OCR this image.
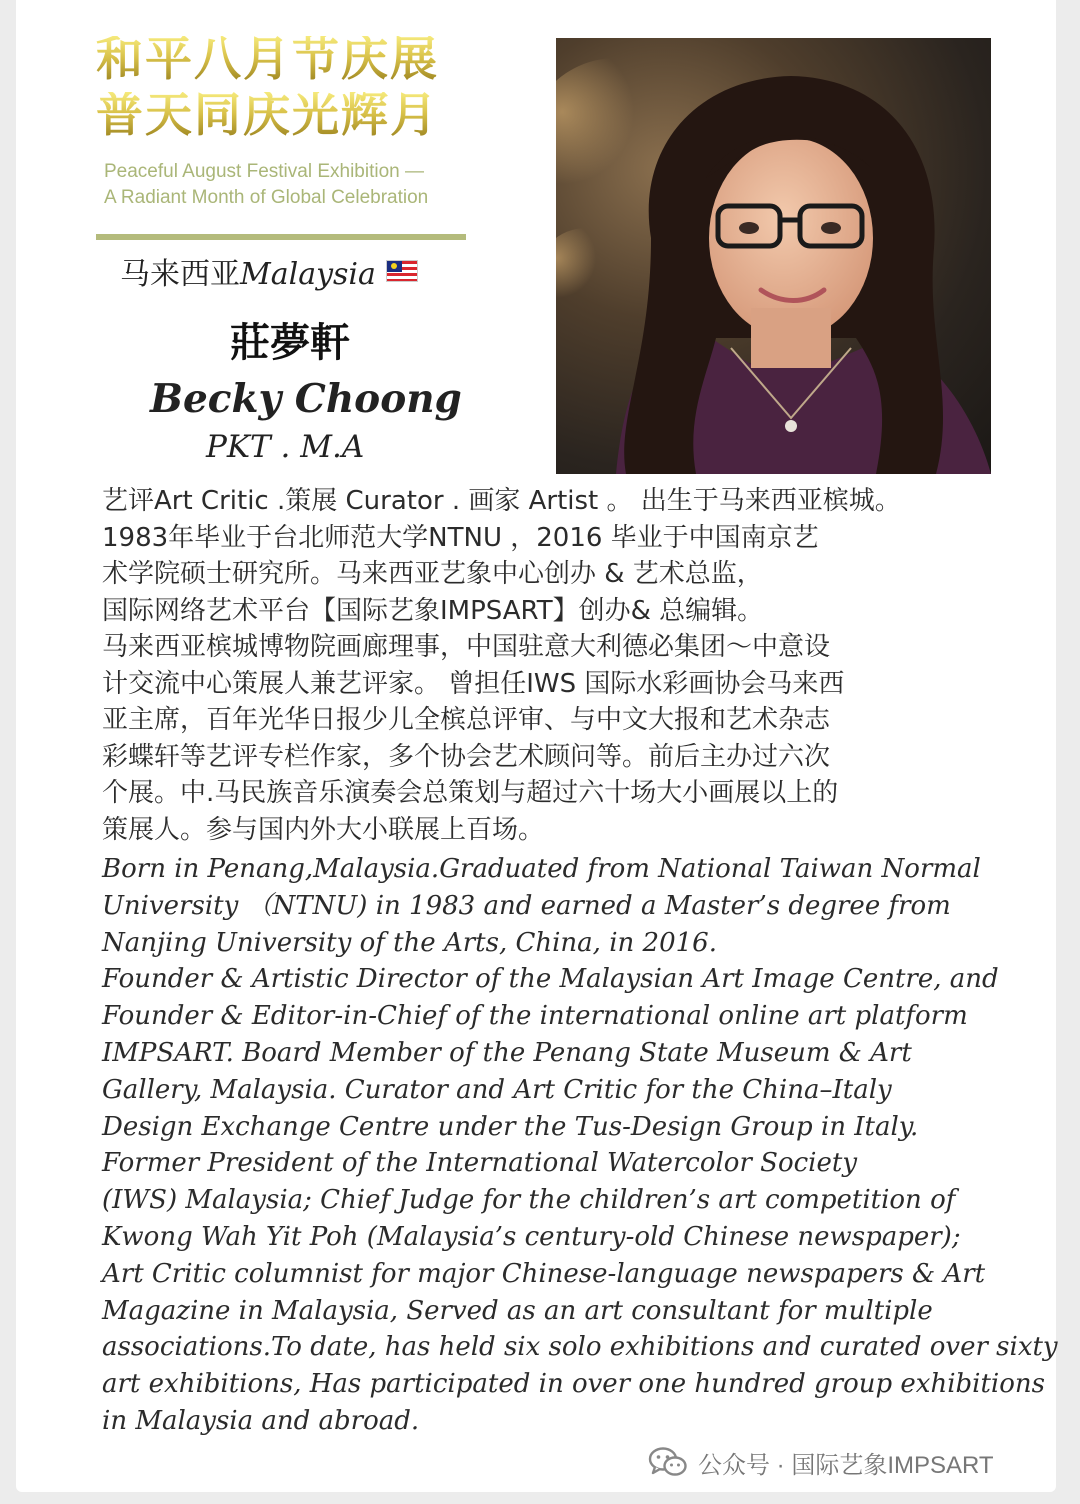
和平八月节庆展
普天同庆光辉月
Peaceful August Festival Exhibition —
A Radiant Month of Global Celebration
马来西亚Malaysia
莊夢軒
Becky Choong
PKT . M.A
艺评Art Critic .策展 Curator . 画家 Artist 。 出生于马来西亚槟城。
1983年毕业于台北师范大学NTNU ，2016 毕业于中国南京艺
术学院硕士研究所。马来西亚艺象中心创办 & 艺术总监，
国际网络艺术平台【国际艺象IMPSART】创办& 总编辑。
马来西亚槟城博物院画廊理事，中国驻意大利德必集团～中意设
计交流中心策展人兼艺评家。 曾担任IWS 国际水彩画协会马来西
亚主席，百年光华日报少儿全槟总评审、与中文大报和艺术杂志
彩蝶轩等艺评专栏作家，多个协会艺术顾问等。前后主办过六次
个展。中.马民族音乐演奏会总策划与超过六十场大小画展以上的
策展人。参与国内外大小联展上百场。
Born in Penang,Malaysia.Graduated from National Taiwan Normal
University （NTNU) in 1983 and earned a Master’s degree from
Nanjing University of the Arts, China, in 2016.
Founder & Artistic Director of the Malaysian Art Image Centre, and
Founder & Editor-in-Chief of the international online art platform
IMPSART. Board Member of the Penang State Museum & Art
Gallery, Malaysia. Curator and Art Critic for the China–Italy
Design Exchange Centre under the Tus-Design Group in Italy.
Former President of the International Watercolor Society
(IWS) Malaysia; Chief Judge for the children’s art competition of
Kwong Wah Yit Poh (Malaysia’s century-old Chinese newspaper);
Art Critic columnist for major Chinese-language newspapers & Art
Magazine in Malaysia, Served as an art consultant for multiple
associations.To date, has held six solo exhibitions and curated over sixty
art exhibitions, Has participated in over one hundred group exhibitions
in Malaysia and abroad.
公众号 · 国际艺象IMPSART
